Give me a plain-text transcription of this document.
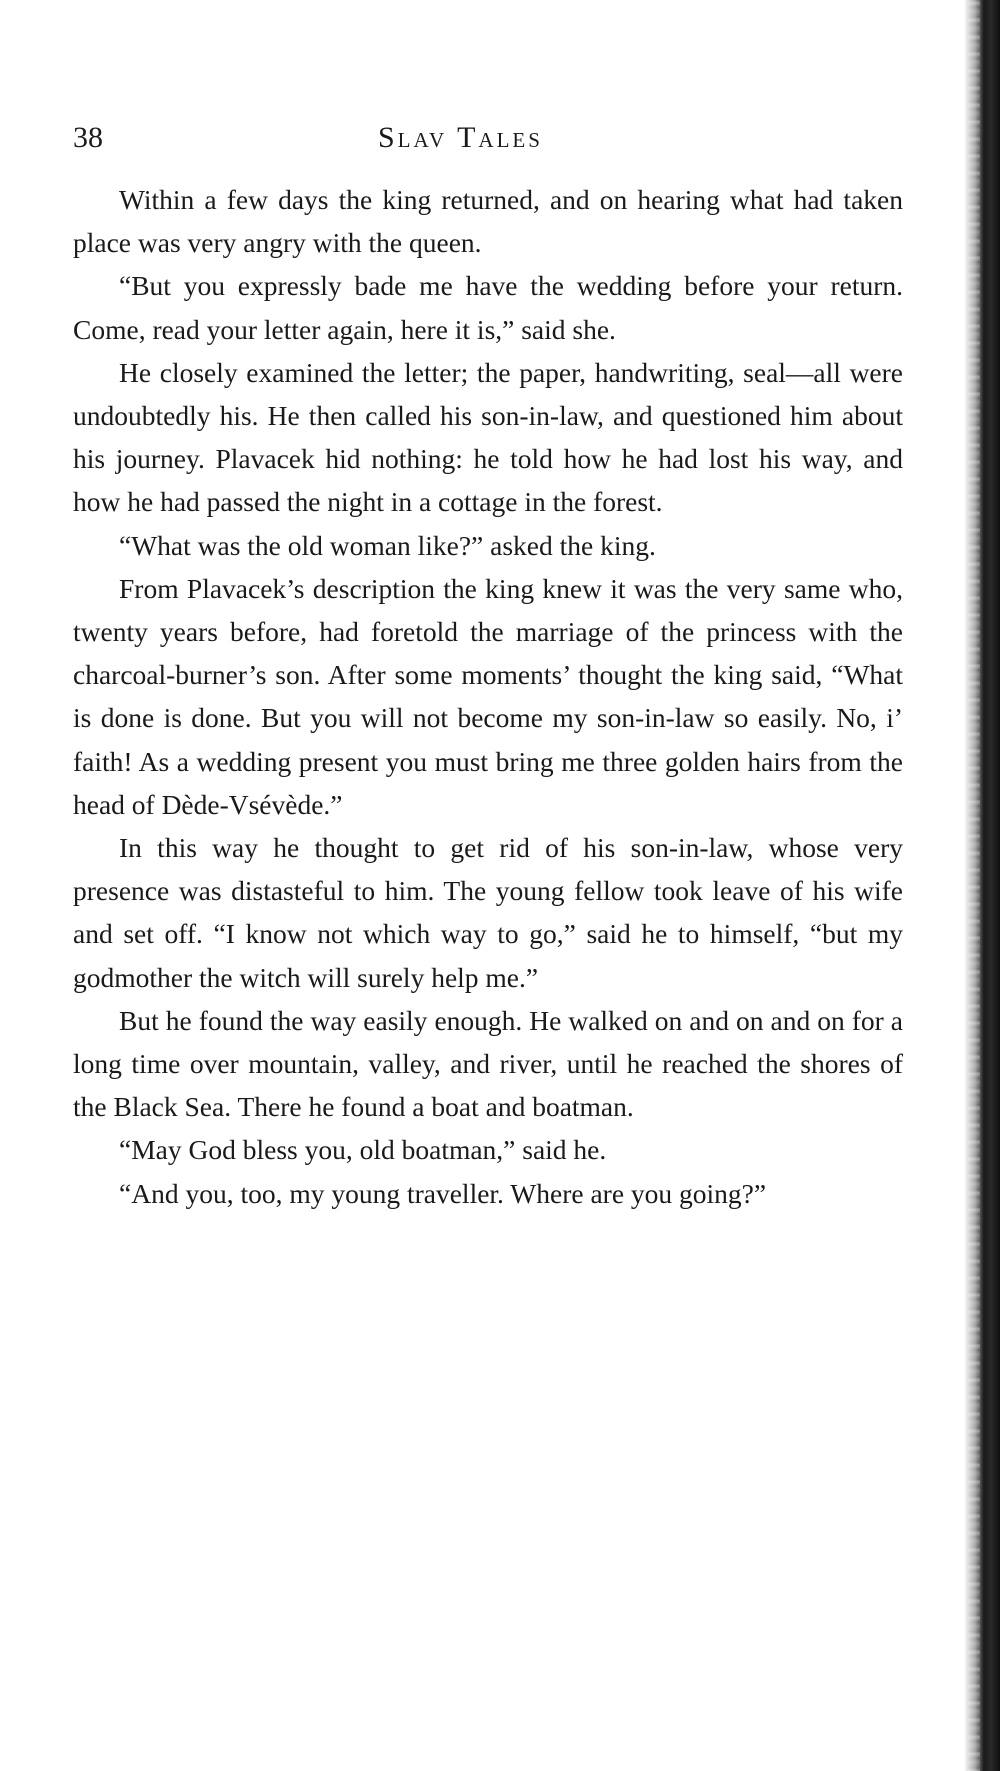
38	Slav Tales

Within a few days the king returned, and on hearing what had taken place was very angry with the queen.

“But you expressly bade me have the wedding before your return. Come, read your letter again, here it is,” said she.

He closely examined the letter; the paper, handwriting, seal—all were undoubtedly his. He then called his son-in-law, and questioned him about his journey. Plavacek hid nothing: he told how he had lost his way, and how he had passed the night in a cottage in the forest.

“What was the old woman like?” asked the king.

From Plavacek’s description the king knew it was the very same who, twenty years before, had foretold the marriage of the princess with the charcoal-burner’s son. After some moments’ thought the king said, “What is done is done. But you will not become my son-in-law so easily. No, i’ faith! As a wedding present you must bring me three golden hairs from the head of Dède-Vsévède.”

In this way he thought to get rid of his son-in-law, whose very presence was distasteful to him. The young fellow took leave of his wife and set off. “I know not which way to go,” said he to himself, “but my godmother the witch will surely help me.”

But he found the way easily enough. He walked on and on and on for a long time over mountain, valley, and river, until he reached the shores of the Black Sea. There he found a boat and boatman.

“May God bless you, old boatman,” said he.

“And you, too, my young traveller. Where are you going?”
